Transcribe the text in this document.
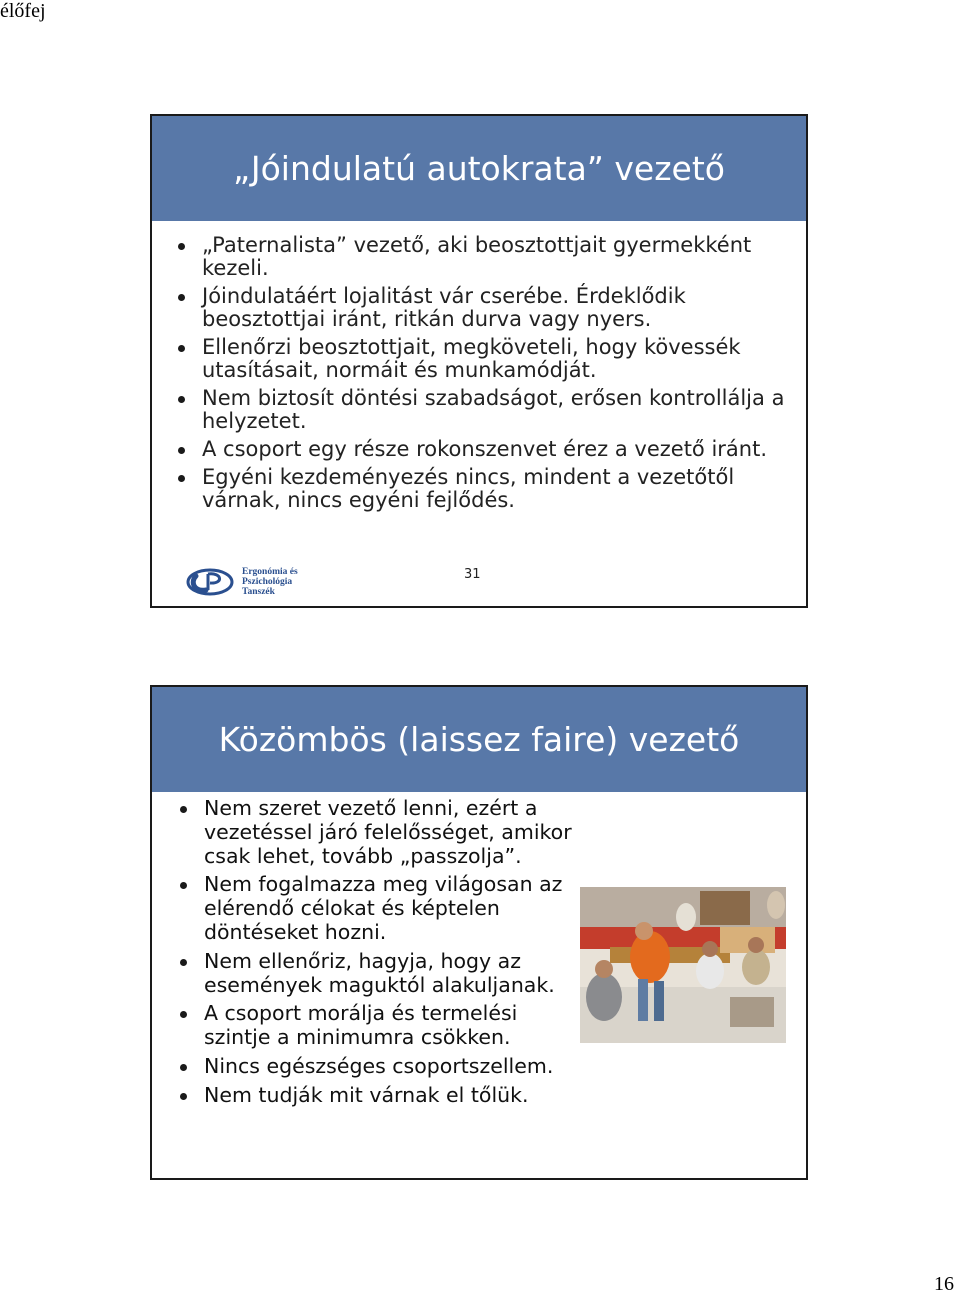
élőfej
„Jóindulatú autokrata” vezető
„Paternalista” vezető, aki beosztottjait gyermekként kezeli.
Jóindulatáért lojalitást vár cserébe. Érdeklődik beosztottjai iránt, ritkán durva vagy nyers.
Ellenőrzi beosztottjait, megköveteli, hogy kövessék utasításait, normáit és munkamódját.
Nem biztosít döntési szabadságot, erősen kontrollálja a helyzetet.
A csoport egy része rokonszenvet érez a vezető iránt.
Egyéni kezdeményezés nincs, mindent a vezetőtől várnak, nincs egyéni fejlődés.
Ergonómia és Pszichológia Tanszék
31
Közömbös (laissez faire) vezető
Nem szeret vezető lenni, ezért a vezetéssel járó felelősséget, amikor csak lehet, tovább „passzolja”.
Nem fogalmazza meg világosan az elérendő célokat és képtelen döntéseket hozni.
Nem ellenőriz, hagyja, hogy az események maguktól alakuljanak.
A csoport morálja és termelési szintje a minimumra csökken.
Nincs egészséges csoportszellem.
Nem tudják mit várnak el tőlük.
16
